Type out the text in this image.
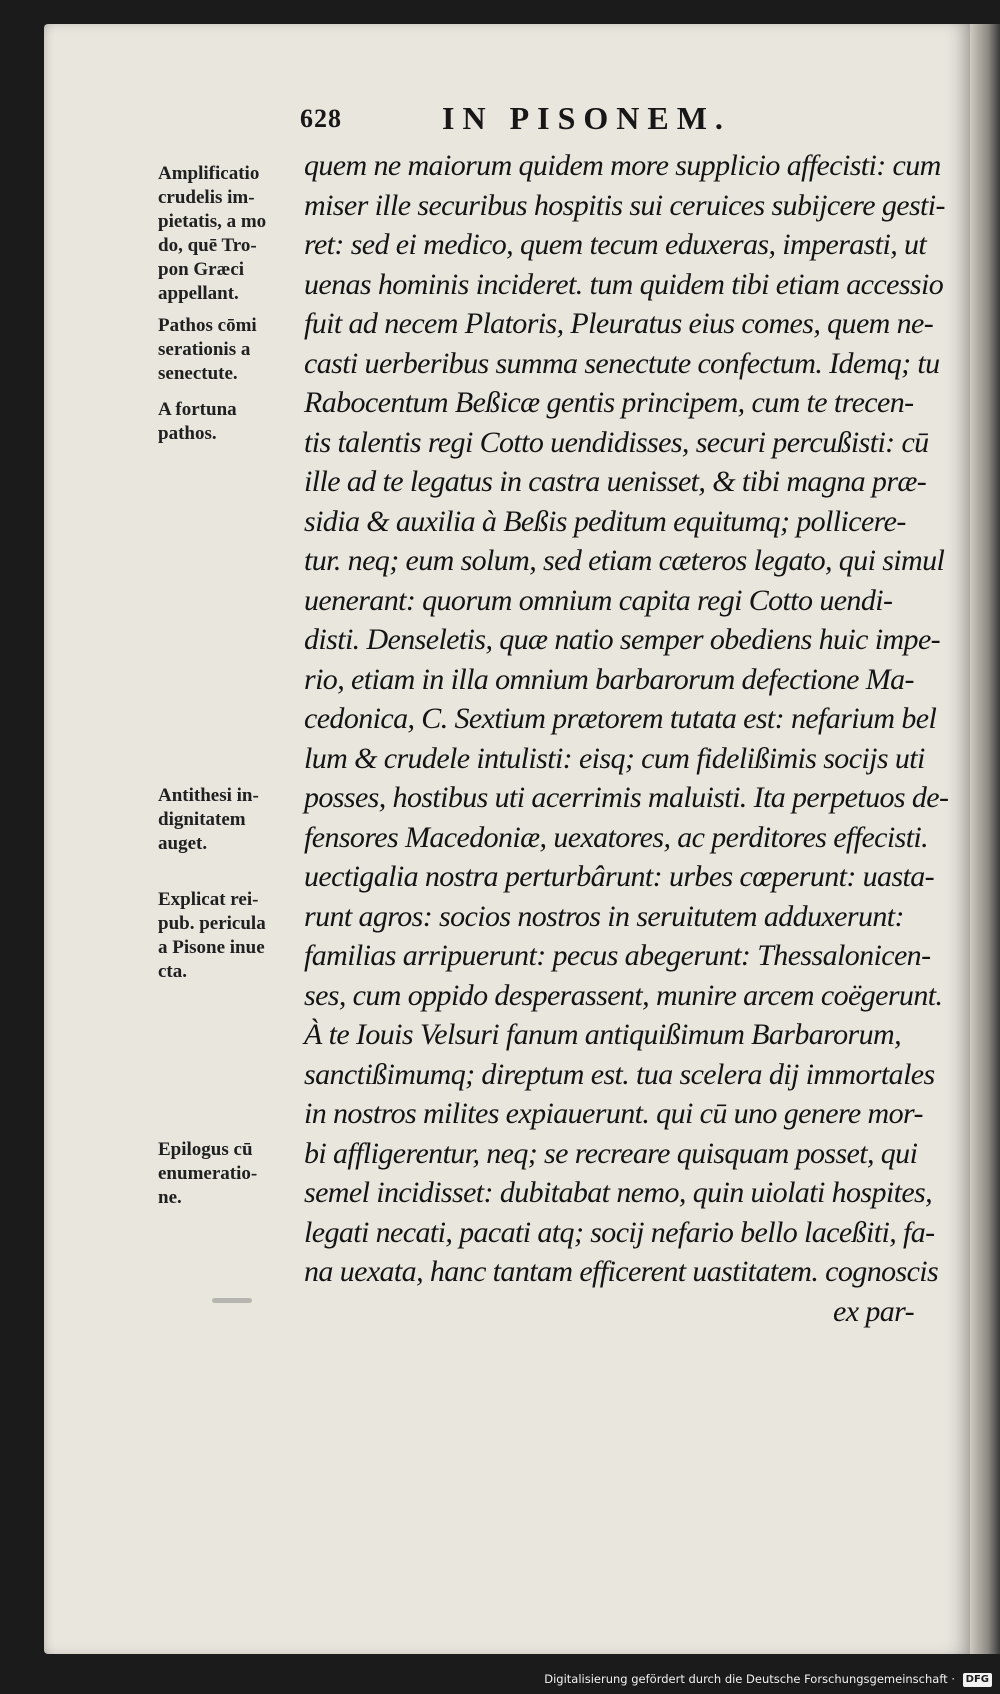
628	IN PISONEM.
Amplificatio
crudelis im-
pietatis, a mo
do, quē Tro-
pon Græci
appellant.
Pathos cōmi
serationis a
senectute.
A fortuna
pathos.
Antithesi in-
dignitatem
auget.
Explicat rei-
pub. pericula
a Pisone inue
cta.
Epilogus cū
enumeratio-
ne.
quem ne maiorum quidem more supplicio affecisti: cum
miser ille securibus hospitis sui ceruices subijcere gesti-
ret: sed ei medico, quem tecum eduxeras, imperasti, ut
uenas hominis incideret. tum quidem tibi etiam accessio
fuit ad necem Platoris, Pleuratus eius comes, quem ne-
casti uerberibus summa senectute confectum. Idemq; tu
Rabocentum Beßicæ gentis principem, cum te trecen-
tis talentis regi Cotto uendidisses, securi percußisti: cū
ille ad te legatus in castra uenisset, & tibi magna præ-
sidia & auxilia à Beßis peditum equitumq; pollicere-
tur. neq; eum solum, sed etiam cæteros legato, qui simul
uenerant: quorum omnium capita regi Cotto uendi-
disti. Denseletis, quæ natio semper obediens huic impe-
rio, etiam in illa omnium barbarorum defectione Ma-
cedonica, C. Sextium prætorem tutata est: nefarium bel
lum & crudele intulisti: eisq; cum fidelißimis socijs uti
posses, hostibus uti acerrimis maluisti. Ita perpetuos de-
fensores Macedoniæ, uexatores, ac perditores effecisti.
uectigalia nostra perturbârunt: urbes cœperunt: uasta-
runt agros: socios nostros in seruitutem adduxerunt:
familias arripuerunt: pecus abegerunt: Thessalonicen-
ses, cum oppido desperassent, munire arcem coëgerunt.
À te Iouis Velsuri fanum antiquißimum Barbarorum,
sanctißimumq; direptum est. tua scelera dij immortales
in nostros milites expiauerunt. qui cū uno genere mor-
bi affligerentur, neq; se recreare quisquam posset, qui
semel incidisset: dubitabat nemo, quin uiolati hospites,
legati necati, pacati atq; socij nefario bello laceßiti, fa-
na uexata, hanc tantam efficerent uastitatem. cognoscis
ex par-
Digitalisierung gefördert durch die Deutsche Forschungsgemeinschaft · DFG
